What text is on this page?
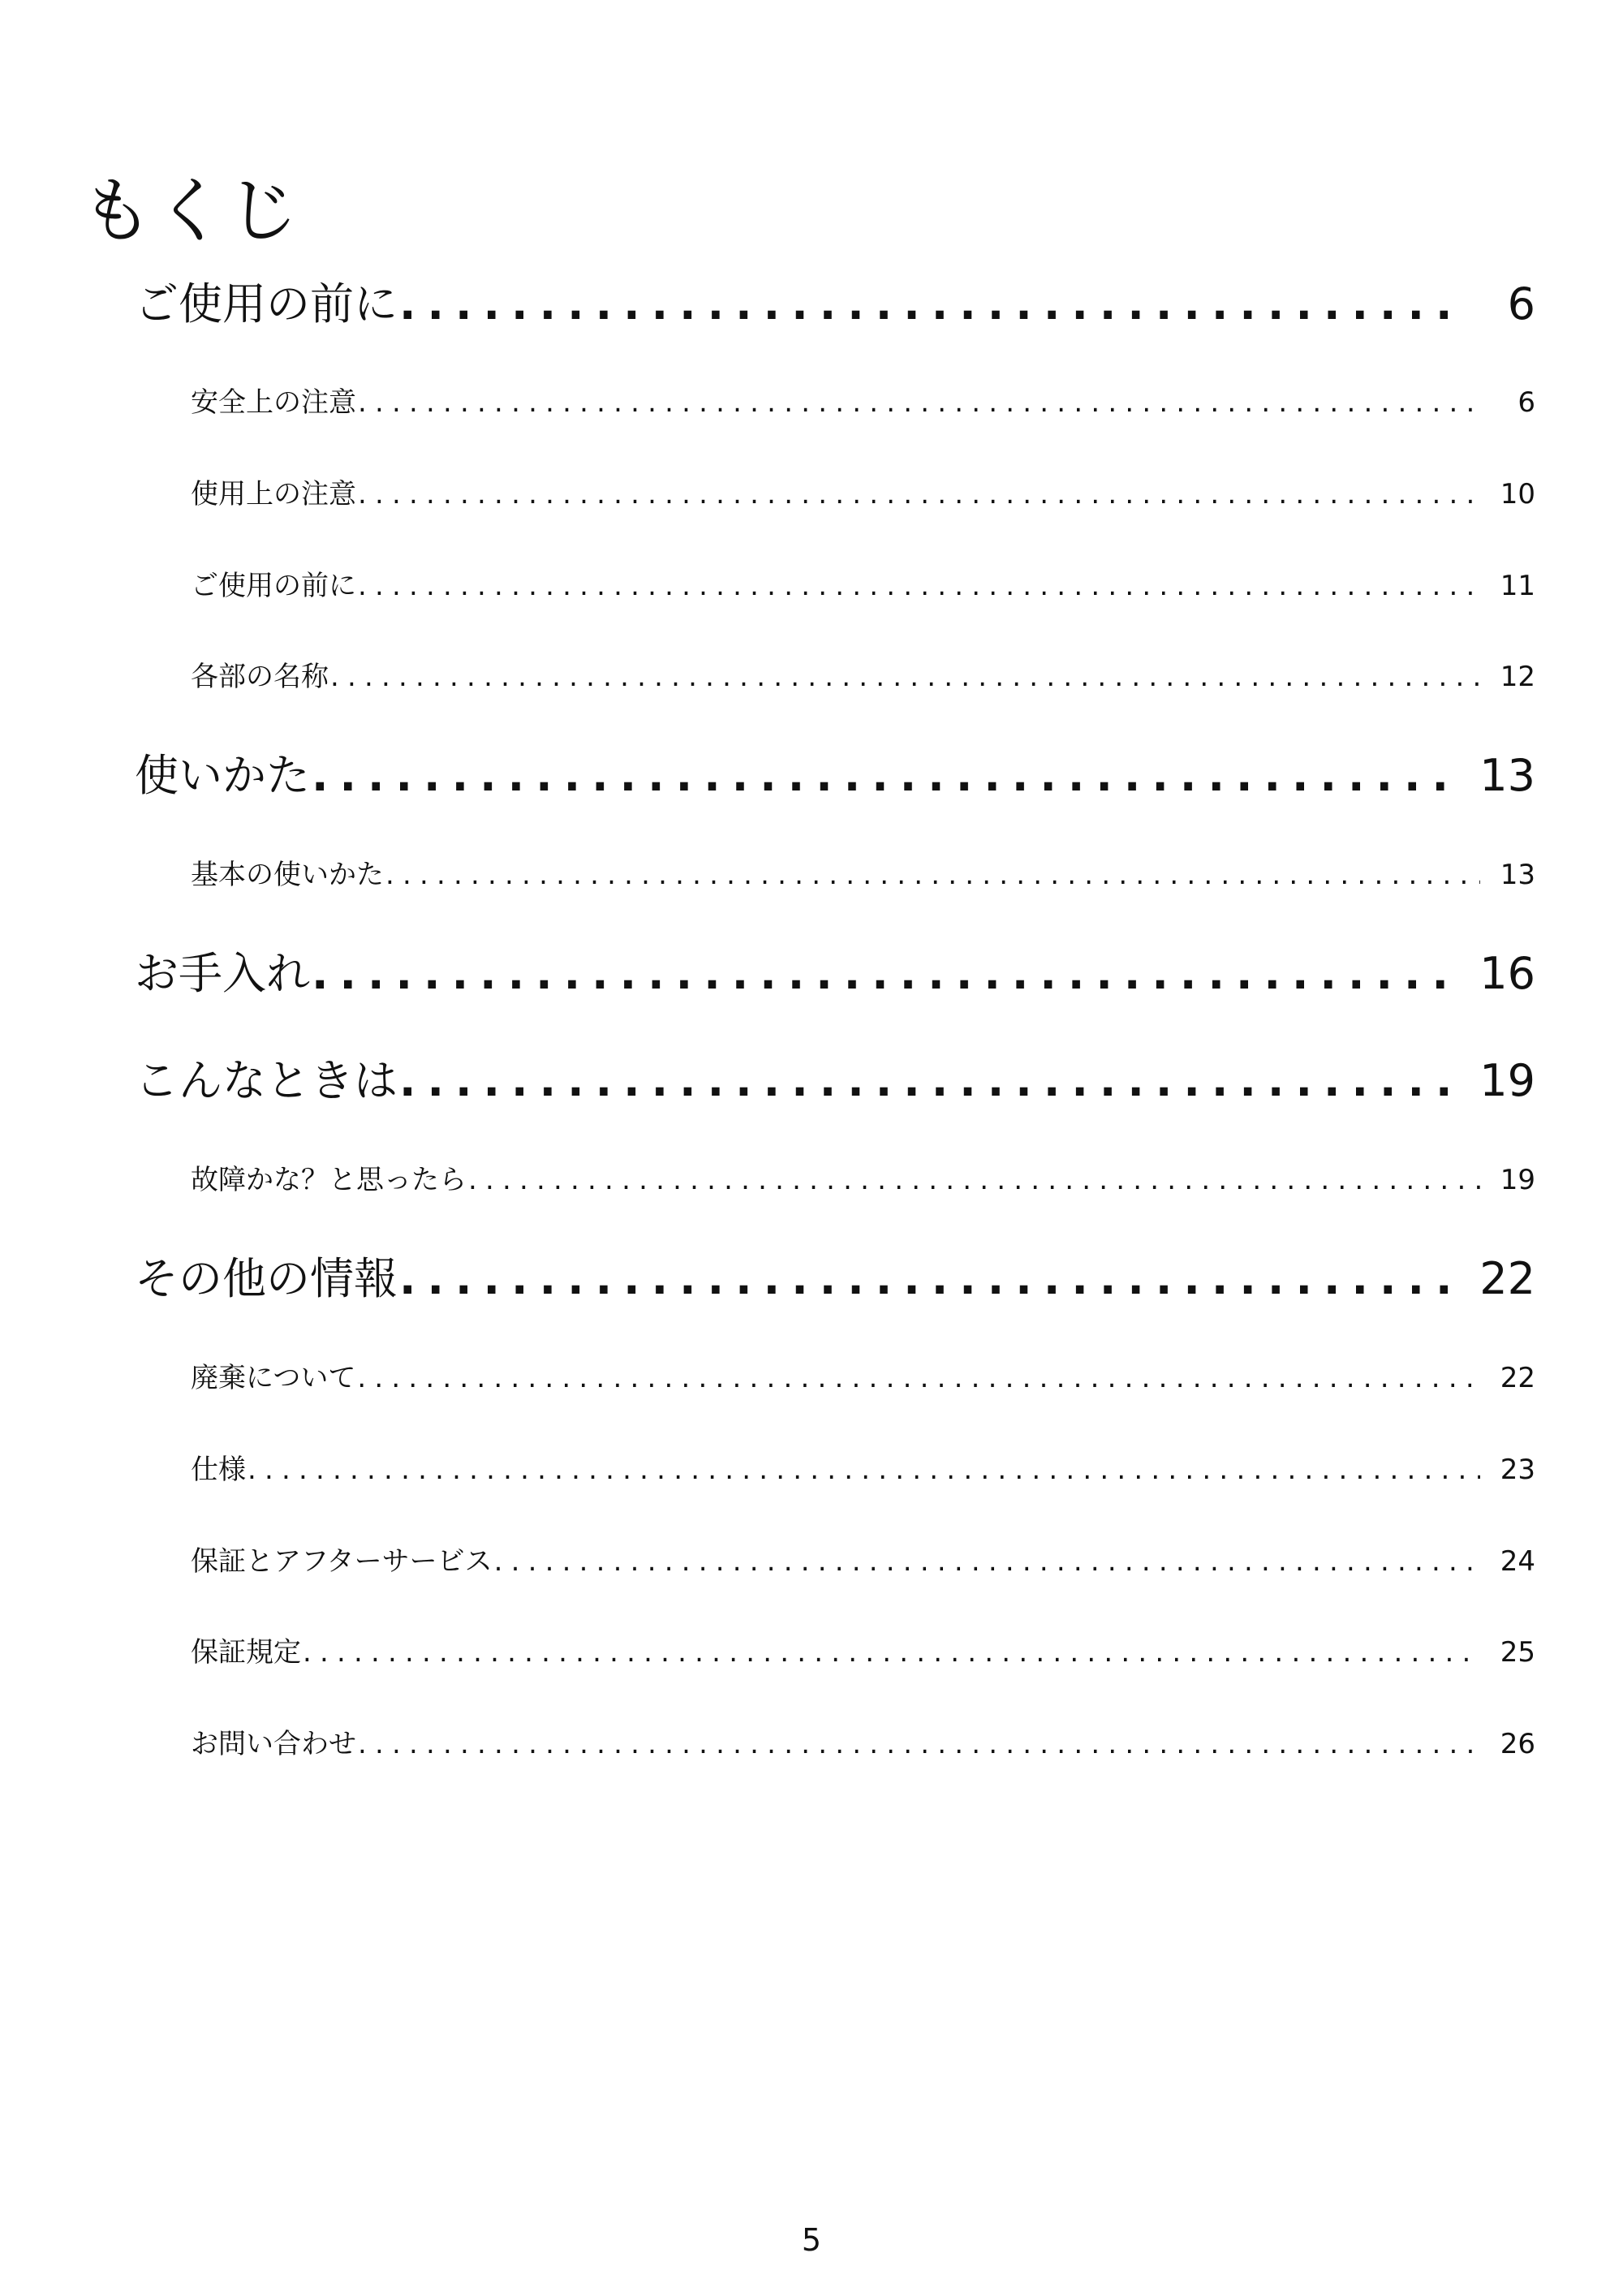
もくじ
ご使用の前に .....	6
安全上の注意 .....	6
使用上の注意 .....	10
ご使用の前に .....	11
各部の名称 .....	12
使いかた .....	13
基本の使いかた .....	13
お手入れ .....	16
こんなときは .....	19
故障かな？と思ったら .....	19
その他の情報 .....	22
廃棄について .....	22
仕様 .....	23
保証とアフターサービス .....	24
保証規定 .....	25
お問い合わせ .....	26
5
